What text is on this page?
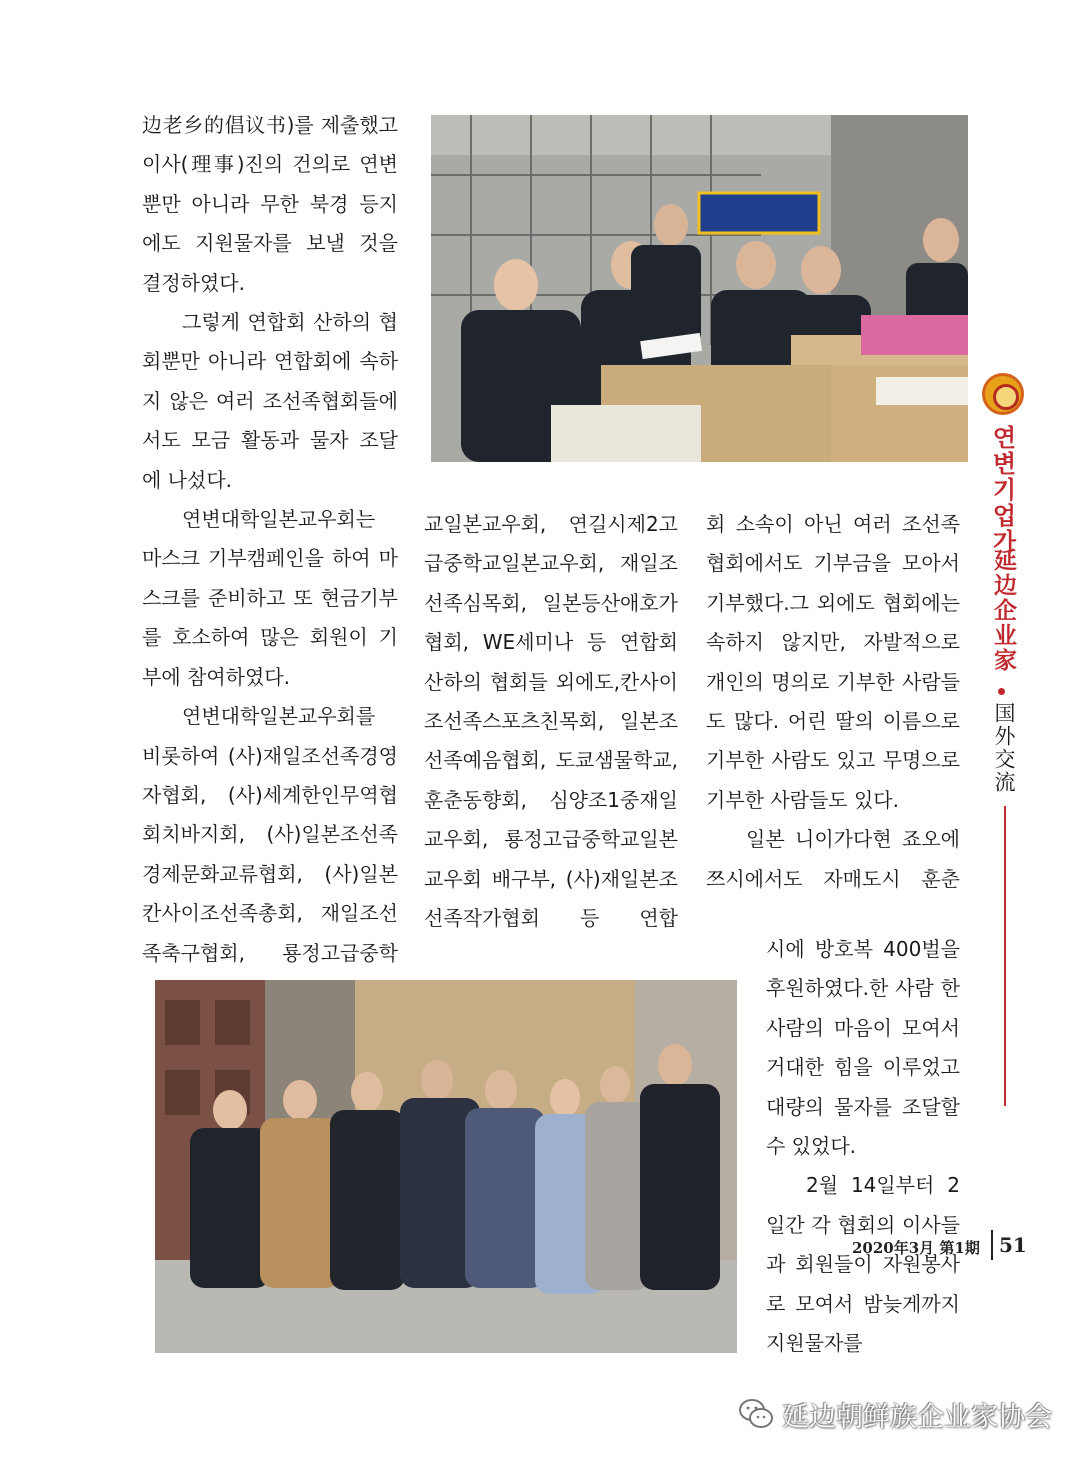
边老乡的倡议书)를 제출했고 이사(理事)진의 건의로 연변뿐만 아니라 무한 북경 등지에도 지원물자를 보낼 것을 결정하였다.

그렇게 연합회 산하의 협회뿐만 아니라 연합회에 속하지 않은 여러 조선족협회들에서도 모금 활동과 물자 조달에 나섰다.

연변대학일본교우회는 마스크 기부캠페인을 하여 마스크를 준비하고 또 현금기부를 호소하여 많은 회원이 기부에 참여하였다.

연변대학일본교우회를 비롯하여 (사)재일조선족경영자협회, (사)세계한인무역협회치바지회, (사)일본조선족경제문화교류협회, (사)일본칸사이조선족총회, 재일조선족축구협회, 룡정고급중학

교일본교우회, 연길시제2고급중학교일본교우회, 재일조선족심목회, 일본등산애호가협회, WE세미나 등 연합회 산하의 협회들 외에도,칸사이조선족스포츠친목회, 일본조선족예음협회, 도쿄샘물학교, 훈춘동향회, 심양조1중재일교우회, 룡정고급중학교일본교우회 배구부, (사)재일본조선족작가협회 등 연합

회 소속이 아닌 여러 조선족협회에서도 기부금을 모아서 기부했다.그 외에도 협회에는 속하지 않지만, 자발적으로 개인의 명의로 기부한 사람들도 많다. 어린 딸의 이름으로 기부한 사람도 있고 무명으로 기부한 사람들도 있다.

일본 니이가다현 죠오에쯔시에서도 자매도시 훈춘

시에 방호복 400벌을 후원하였다.한 사람 한 사람의 마음이 모여서 거대한 힘을 이루었고 대량의 물자를 조달할 수 있었다.

2월 14일부터 2일간 각 협회의 이사들과 회원들이 자원봉사로 모여서 밤늦게까지 지원물자를

연변기업가
延边企业家
国外交流
2020年3月 第1期 51
延边朝鲜族企业家协会
